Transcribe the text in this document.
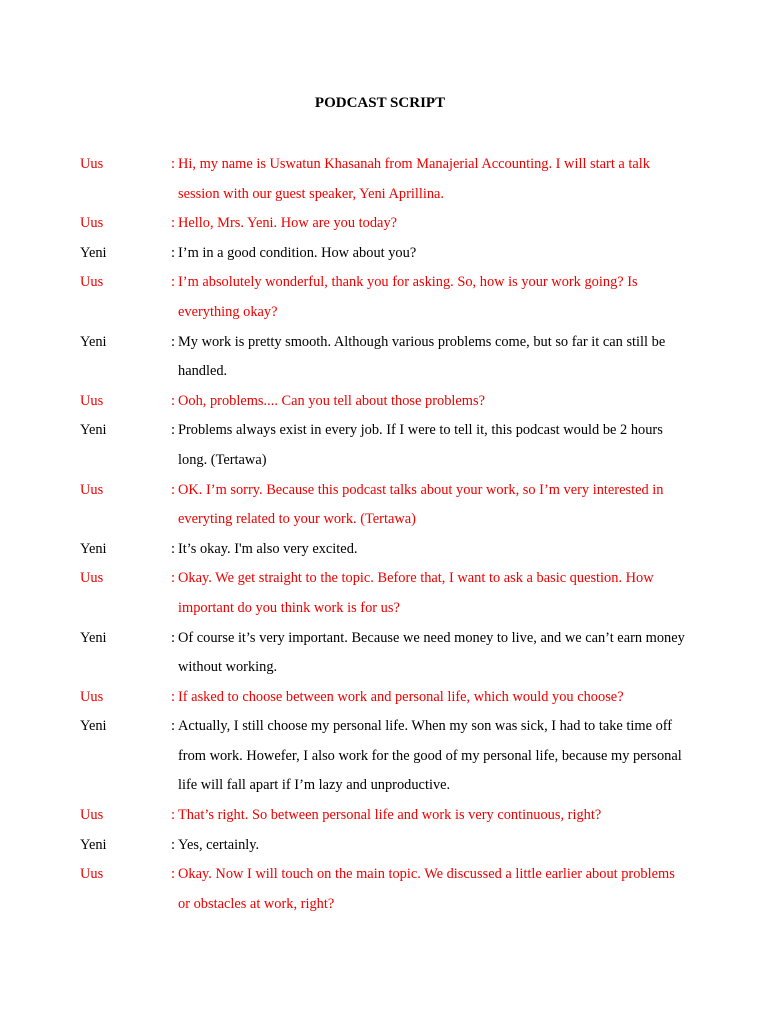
PODCAST SCRIPT
Uus	: Hi, my name is Uswatun Khasanah from Manajerial Accounting. I will start a talk session with our guest speaker, Yeni Aprillina.
Uus	: Hello, Mrs. Yeni. How are you today?
Yeni	: I’m in a good condition. How about you?
Uus	: I’m absolutely wonderful, thank you for asking. So, how is your work going? Is everything okay?
Yeni	: My work is pretty smooth. Although various problems come, but so far it can still be handled.
Uus	: Ooh, problems.... Can you tell about those problems?
Yeni	: Problems always exist in every job. If I were to tell it, this podcast would be 2 hours long. (Tertawa)
Uus	: OK. I’m sorry. Because this podcast talks about your work, so I’m very interested in everyting related to your work. (Tertawa)
Yeni	: It’s okay. I'm also very excited.
Uus	: Okay. We get straight to the topic. Before that, I want to ask a basic question. How important do you think work is for us?
Yeni	: Of course it’s very important. Because we need money to live, and we can’t earn money without working.
Uus	: If asked to choose between work and personal life, which would you choose?
Yeni	: Actually, I still choose my personal life. When my son was sick, I had to take time off from work. Howefer, I also work for the good of my personal life, because my personal life will fall apart if I’m lazy and unproductive.
Uus	: That’s right. So between personal life and work is very continuous, right?
Yeni	: Yes, certainly.
Uus	: Okay. Now I will touch on the main topic. We discussed a little earlier about problems or obstacles at work, right?
